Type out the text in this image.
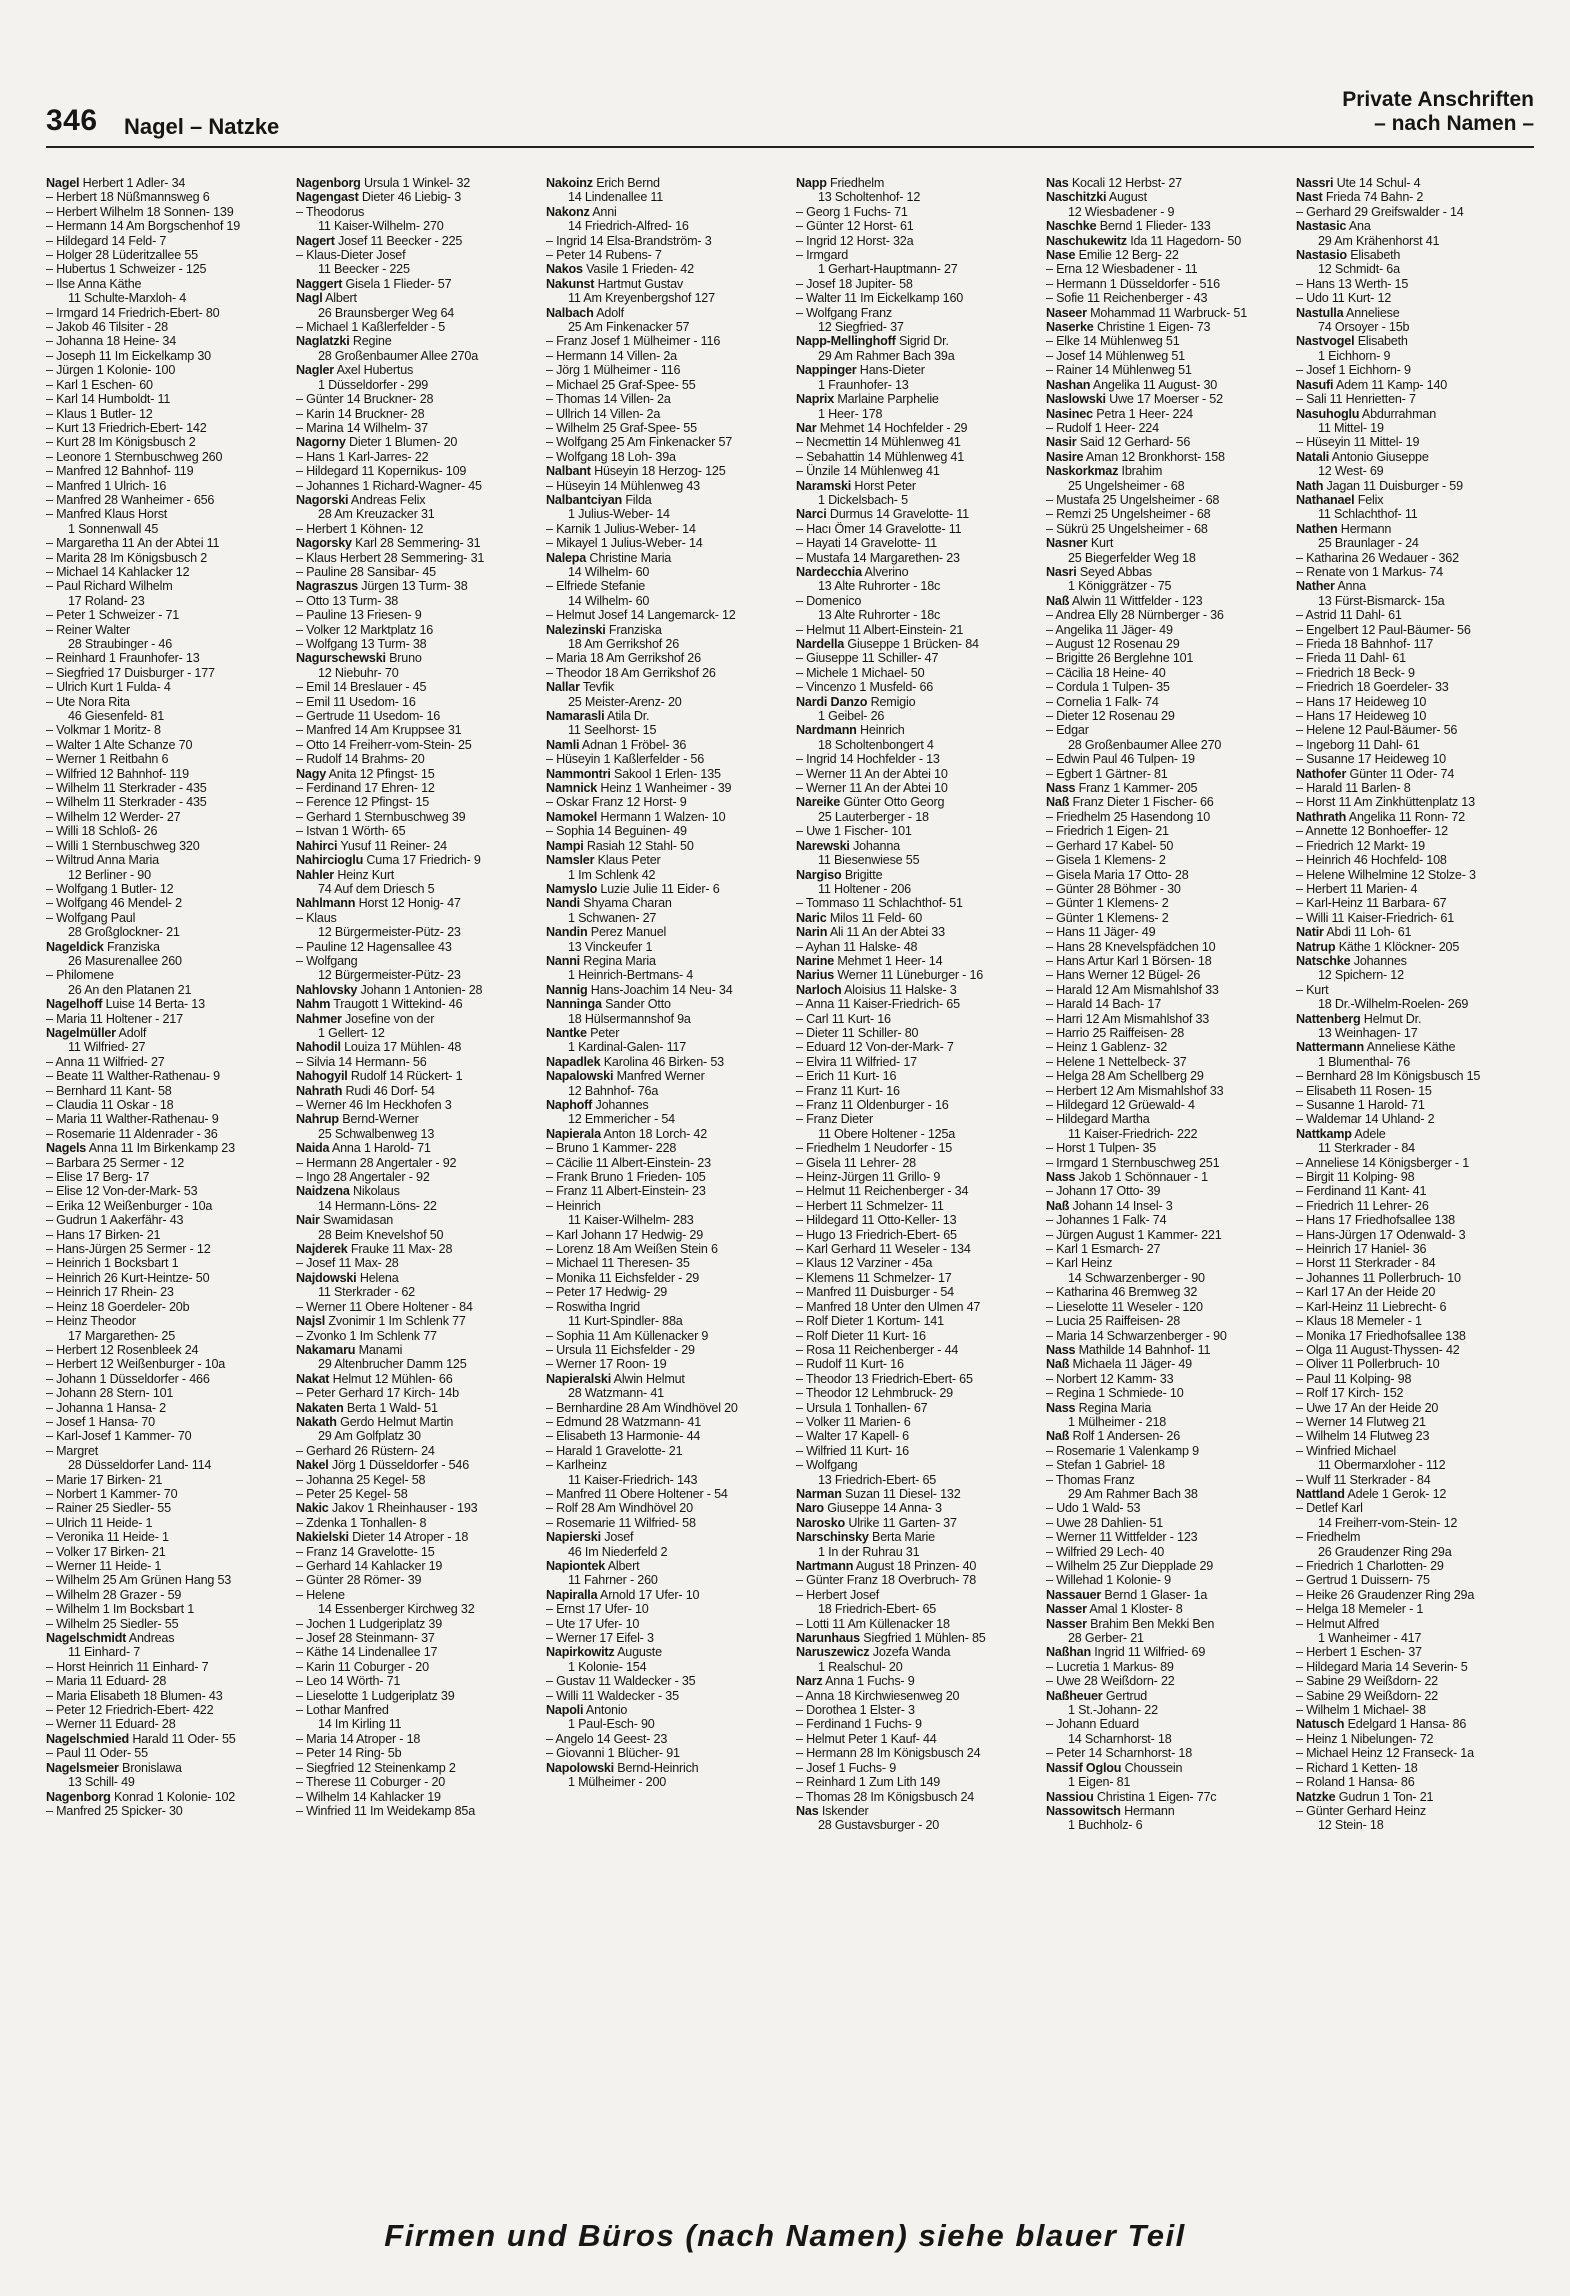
346 Nagel – Natzke
Private Anschriften
– nach Namen –
Nagel Herbert 1 Adler- 34
– Herbert 18 Nüßmannsweg 6
– Herbert Wilhelm 18 Sonnen- 139
– Hermann 14 Am Borgschenhof 19
– Hildegard 14 Feld- 7
– Holger 28 Lüderitzallee 55
– Hubertus 1 Schweizer - 125
– Ilse Anna Käthe
11 Schulte-Marxloh- 4
– Irmgard 14 Friedrich-Ebert- 80
– Jakob 46 Tilsiter - 28
– Johanna 18 Heine- 34
– Joseph 11 Im Eickelkamp 30
– Jürgen 1 Kolonie- 100
– Karl 1 Eschen- 60
– Karl 14 Humboldt- 11
– Klaus 1 Butler- 12
– Kurt 13 Friedrich-Ebert- 142
– Kurt 28 Im Königsbusch 2
– Leonore 1 Sternbuschweg 260
– Manfred 12 Bahnhof- 119
– Manfred 1 Ulrich- 16
– Manfred 28 Wanheimer - 656
– Manfred Klaus Horst
1 Sonnenwall 45
– Margaretha 11 An der Abtei 11
– Marita 28 Im Königsbusch 2
– Michael 14 Kahlacker 12
– Paul Richard Wilhelm
17 Roland- 23
– Peter 1 Schweizer - 71
– Reiner Walter
28 Straubinger - 46
– Reinhard 1 Fraunhofer- 13
– Siegfried 17 Duisburger - 177
– Ulrich Kurt 1 Fulda- 4
– Ute Nora Rita
46 Giesenfeld- 81
– Volkmar 1 Moritz- 8
– Walter 1 Alte Schanze 70
– Werner 1 Reitbahn 6
– Wilfried 12 Bahnhof- 119
– Wilhelm 11 Sterkrader - 435
– Wilhelm 11 Sterkrader - 435
– Wilhelm 12 Werder- 27
– Willi 18 Schloß- 26
– Willi 1 Sternbuschweg 320
– Wiltrud Anna Maria
12 Berliner - 90
– Wolfgang 1 Butler- 12
– Wolfgang 46 Mendel- 2
– Wolfgang Paul
28 Großglockner- 21
Nageldick Franziska
26 Masurenallee 260
– Philomene
26 An den Platanen 21
Nagelhoff Luise 14 Berta- 13
– Maria 11 Holtener - 217
Nagelmüller Adolf
11 Wilfried- 27
– Anna 11 Wilfried- 27
– Beate 11 Walther-Rathenau- 9
– Bernhard 11 Kant- 58
– Claudia 11 Oskar - 18
– Maria 11 Walther-Rathenau- 9
– Rosemarie 11 Aldenrader - 36
Nagels Anna 11 Im Birkenkamp 23
– Barbara 25 Sermer - 12
– Elise 17 Berg- 17
– Elise 12 Von-der-Mark- 53
– Erika 12 Weißenburger - 10a
– Gudrun 1 Aakerfähr- 43
– Hans 17 Birken- 21
– Hans-Jürgen 25 Sermer - 12
– Heinrich 1 Bocksbart 1
– Heinrich 26 Kurt-Heintze- 50
– Heinrich 17 Rhein- 23
– Heinz 18 Goerdeler- 20b
– Heinz Theodor
17 Margarethen- 25
– Herbert 12 Rosenbleek 24
– Herbert 12 Weißenburger - 10a
– Johann 1 Düsseldorfer - 466
– Johann 28 Stern- 101
– Johanna 1 Hansa- 2
– Josef 1 Hansa- 70
– Karl-Josef 1 Kammer- 70
– Margret
28 Düsseldorfer Land- 114
– Marie 17 Birken- 21
– Norbert 1 Kammer- 70
– Rainer 25 Siedler- 55
– Ulrich 11 Heide- 1
– Veronika 11 Heide- 1
– Volker 17 Birken- 21
– Werner 11 Heide- 1
– Wilhelm 25 Am Grünen Hang 53
– Wilhelm 28 Grazer - 59
– Wilhelm 1 Im Bocksbart 1
– Wilhelm 25 Siedler- 55
Nagelschmidt Andreas
11 Einhard- 7
– Horst Heinrich 11 Einhard- 7
– Maria 11 Eduard- 28
– Maria Elisabeth 18 Blumen- 43
– Peter 12 Friedrich-Ebert- 422
– Werner 11 Eduard- 28
Nagelschmied Harald 11 Oder- 55
– Paul 11 Oder- 55
Nagelsmeier Bronislawa
13 Schill- 49
Nagenborg Konrad 1 Kolonie- 102
– Manfred 25 Spicker- 30
Nagenborg Ursula 1 Winkel- 32
Nagengast Dieter 46 Liebig- 3
– Theodorus
11 Kaiser-Wilhelm- 270
Nagert Josef 11 Beecker - 225
– Klaus-Dieter Josef
11 Beecker - 225
Naggert Gisela 1 Flieder- 57
Nagl Albert
26 Braunsberger Weg 64
– Michael 1 Kaßlerfelder - 5
Naglatzki Regine
28 Großenbaumer Allee 270a
Nagler Axel Hubertus
1 Düsseldorfer - 299
– Günter 14 Bruckner- 28
– Karin 14 Bruckner- 28
– Marina 14 Wilhelm- 37
Nagorny Dieter 1 Blumen- 20
– Hans 1 Karl-Jarres- 22
– Hildegard 11 Kopernikus- 109
– Johannes 1 Richard-Wagner- 45
Nagorski Andreas Felix
28 Am Kreuzacker 31
– Herbert 1 Köhnen- 12
Nagorsky Karl 28 Semmering- 31
– Klaus Herbert 28 Semmering- 31
– Pauline 28 Sansibar- 45
Nagraszus Jürgen 13 Turm- 38
– Otto 13 Turm- 38
– Pauline 13 Friesen- 9
– Volker 12 Marktplatz 16
– Wolfgang 13 Turm- 38
Nagurschewski Bruno
12 Niebuhr- 70
– Emil 14 Breslauer - 45
– Emil 11 Usedom- 16
– Gertrude 11 Usedom- 16
– Manfred 14 Am Kruppsee 31
– Otto 14 Freiherr-vom-Stein- 25
– Rudolf 14 Brahms- 20
Nagy Anita 12 Pfingst- 15
– Ferdinand 17 Ehren- 12
– Ference 12 Pfingst- 15
– Gerhard 1 Sternbuschweg 39
– Istvan 1 Wörth- 65
Nahirci Yusuf 11 Reiner- 24
Nahircioglu Cuma 17 Friedrich- 9
Nahler Heinz Kurt
74 Auf dem Driesch 5
Nahlmann Horst 12 Honig- 47
– Klaus
12 Bürgermeister-Pütz- 23
– Pauline 12 Hagensallee 43
– Wolfgang
12 Bürgermeister-Pütz- 23
Nahlovsky Johann 1 Antonien- 28
Nahm Traugott 1 Wittekind- 46
Nahmer Josefine von der
1 Gellert- 12
Nahodil Louiza 17 Mühlen- 48
– Silvia 14 Hermann- 56
Nahogyil Rudolf 14 Rückert- 1
Nahrath Rudi 46 Dorf- 54
– Werner 46 Im Heckhofen 3
Nahrup Bernd-Werner
25 Schwalbenweg 13
Naida Anna 1 Harold- 71
– Hermann 28 Angertaler - 92
– Ingo 28 Angertaler - 92
Naidzena Nikolaus
14 Hermann-Löns- 22
Nair Swamidasan
28 Beim Knevelshof 50
Najderek Frauke 11 Max- 28
– Josef 11 Max- 28
Najdowski Helena
11 Sterkrader - 62
– Werner 11 Obere Holtener - 84
Najsl Zvonimir 1 Im Schlenk 77
– Zvonko 1 Im Schlenk 77
Nakamaru Manami
29 Altenbrucher Damm 125
Nakat Helmut 12 Mühlen- 66
– Peter Gerhard 17 Kirch- 14b
Nakaten Berta 1 Wald- 51
Nakath Gerdo Helmut Martin
29 Am Golfplatz 30
– Gerhard 26 Rüstern- 24
Nakel Jörg 1 Düsseldorfer - 546
– Johanna 25 Kegel- 58
– Peter 25 Kegel- 58
Nakic Jakov 1 Rheinhauser - 193
– Zdenka 1 Tonhallen- 8
Nakielski Dieter 14 Atroper - 18
– Franz 14 Gravelotte- 15
– Gerhard 14 Kahlacker 19
– Günter 28 Römer- 39
– Helene
14 Essenberger Kirchweg 32
– Jochen 1 Ludgeriplatz 39
– Josef 28 Steinmann- 37
– Käthe 14 Lindenallee 17
– Karin 11 Coburger - 20
– Leo 14 Wörth- 71
– Lieselotte 1 Ludgeriplatz 39
– Lothar Manfred
14 Im Kirling 11
– Maria 14 Atroper - 18
– Peter 14 Ring- 5b
– Siegfried 12 Steinenkamp 2
– Therese 11 Coburger - 20
– Wilhelm 14 Kahlacker 19
– Winfried 11 Im Weidekamp 85a
Nakoinz Erich Bernd
14 Lindenallee 11
Nakonz Anni
14 Friedrich-Alfred- 16
– Ingrid 14 Elsa-Brandström- 3
– Peter 14 Rubens- 7
Nakos Vasile 1 Frieden- 42
Nakunst Hartmut Gustav
11 Am Kreyenbergshof 127
Nalbach Adolf
25 Am Finkenacker 57
– Franz Josef 1 Mülheimer - 116
– Hermann 14 Villen- 2a
– Jörg 1 Mülheimer - 116
– Michael 25 Graf-Spee- 55
– Thomas 14 Villen- 2a
– Ullrich 14 Villen- 2a
– Wilhelm 25 Graf-Spee- 55
– Wolfgang 25 Am Finkenacker 57
– Wolfgang 18 Loh- 39a
Nalbant Hüseyin 18 Herzog- 125
– Hüseyin 14 Mühlenweg 43
Nalbantciyan Filda
1 Julius-Weber- 14
– Karnik 1 Julius-Weber- 14
– Mikayel 1 Julius-Weber- 14
Nalepa Christine Maria
14 Wilhelm- 60
– Elfriede Stefanie
14 Wilhelm- 60
– Helmut Josef 14 Langemarck- 12
Nalezinski Franziska
18 Am Gerrikshof 26
– Maria 18 Am Gerrikshof 26
– Theodor 18 Am Gerrikshof 26
Nallar Tevfik
25 Meister-Arenz- 20
Namarasli Atila Dr.
11 Seelhorst- 15
Namli Adnan 1 Fröbel- 36
– Hüseyin 1 Kaßlerfelder - 56
Nammontri Sakool 1 Erlen- 135
Namnick Heinz 1 Wanheimer - 39
– Oskar Franz 12 Horst- 9
Namokel Hermann 1 Walzen- 10
– Sophia 14 Beguinen- 49
Nampi Rasiah 12 Stahl- 50
Namsler Klaus Peter
1 Im Schlenk 42
Namyslo Luzie Julie 11 Eider- 6
Nandi Shyama Charan
1 Schwanen- 27
Nandin Perez Manuel
13 Vinckeufer 1
Nanni Regina Maria
1 Heinrich-Bertmans- 4
Nannig Hans-Joachim 14 Neu- 34
Nanninga Sander Otto
18 Hülsermannshof 9a
Nantke Peter
1 Kardinal-Galen- 117
Napadlek Karolina 46 Birken- 53
Napalowski Manfred Werner
12 Bahnhof- 76a
Naphoff Johannes
12 Emmericher - 54
Napierala Anton 18 Lorch- 42
– Bruno 1 Kammer- 228
– Cäcilie 11 Albert-Einstein- 23
– Frank Bruno 1 Frieden- 105
– Franz 11 Albert-Einstein- 23
– Heinrich
11 Kaiser-Wilhelm- 283
– Karl Johann 17 Hedwig- 29
– Lorenz 18 Am Weißen Stein 6
– Michael 11 Theresen- 35
– Monika 11 Eichsfelder - 29
– Peter 17 Hedwig- 29
– Roswitha Ingrid
11 Kurt-Spindler- 88a
– Sophia 11 Am Küllenacker 9
– Ursula 11 Eichsfelder - 29
– Werner 17 Roon- 19
Napieralski Alwin Helmut
28 Watzmann- 41
– Bernhardine 28 Am Windhövel 20
– Edmund 28 Watzmann- 41
– Elisabeth 13 Harmonie- 44
– Harald 1 Gravelotte- 21
– Karlheinz
11 Kaiser-Friedrich- 143
– Manfred 11 Obere Holtener - 54
– Rolf 28 Am Windhövel 20
– Rosemarie 11 Wilfried- 58
Napierski Josef
46 Im Niederfeld 2
Napiontek Albert
11 Fahrner - 260
Napiralla Arnold 17 Ufer- 10
– Ernst 17 Ufer- 10
– Ute 17 Ufer- 10
– Werner 17 Eifel- 3
Napirkowitz Auguste
1 Kolonie- 154
– Gustav 11 Waldecker - 35
– Willi 11 Waldecker - 35
Napoli Antonio
1 Paul-Esch- 90
– Angelo 14 Geest- 23
– Giovanni 1 Blücher- 91
Napolowski Bernd-Heinrich
1 Mülheimer - 200
Napp Friedhelm
13 Scholtenhof- 12
– Georg 1 Fuchs- 71
– Günter 12 Horst- 61
– Ingrid 12 Horst- 32a
– Irmgard
1 Gerhart-Hauptmann- 27
– Josef 18 Jupiter- 58
– Walter 11 Im Eickelkamp 160
– Wolfgang Franz
12 Siegfried- 37
Napp-Mellinghoff Sigrid Dr.
29 Am Rahmer Bach 39a
Nappinger Hans-Dieter
1 Fraunhofer- 13
Naprix Marlaine Parphelie
1 Heer- 178
Nar Mehmet 14 Hochfelder - 29
– Necmettin 14 Mühlenweg 41
– Sebahattin 14 Mühlenweg 41
– Ünzile 14 Mühlenweg 41
Naramski Horst Peter
1 Dickelsbach- 5
Narci Durmus 14 Gravelotte- 11
– Hacı Ömer 14 Gravelotte- 11
– Hayati 14 Gravelotte- 11
– Mustafa 14 Margarethen- 23
Nardecchia Alverino
13 Alte Ruhrorter - 18c
– Domenico
13 Alte Ruhrorter - 18c
– Helmut 11 Albert-Einstein- 21
Nardella Giuseppe 1 Brücken- 84
– Giuseppe 11 Schiller- 47
– Michele 1 Michael- 50
– Vincenzo 1 Musfeld- 66
Nardi Danzo Remigio
1 Geibel- 26
Nardmann Heinrich
18 Scholtenbongert 4
– Ingrid 14 Hochfelder - 13
– Werner 11 An der Abtei 10
– Werner 11 An der Abtei 10
Nareike Günter Otto Georg
25 Lauterberger - 18
– Uwe 1 Fischer- 101
Narewski Johanna
11 Biesenwiese 55
Nargiso Brigitte
11 Holtener - 206
– Tommaso 11 Schlachthof- 51
Naric Milos 11 Feld- 60
Narin Ali 11 An der Abtei 33
– Ayhan 11 Halske- 48
Narine Mehmet 1 Heer- 14
Narius Werner 11 Lüneburger - 16
Narloch Aloisius 11 Halske- 3
– Anna 11 Kaiser-Friedrich- 65
– Carl 11 Kurt- 16
– Dieter 11 Schiller- 80
– Eduard 12 Von-der-Mark- 7
– Elvira 11 Wilfried- 17
– Erich 11 Kurt- 16
– Franz 11 Kurt- 16
– Franz 11 Oldenburger - 16
– Franz Dieter
11 Obere Holtener - 125a
– Friedhelm 1 Neudorfer - 15
– Gisela 11 Lehrer- 28
– Heinz-Jürgen 11 Grillo- 9
– Helmut 11 Reichenberger - 34
– Herbert 11 Schmelzer- 11
– Hildegard 11 Otto-Keller- 13
– Hugo 13 Friedrich-Ebert- 65
– Karl Gerhard 11 Weseler - 134
– Klaus 12 Varziner - 45a
– Klemens 11 Schmelzer- 17
– Manfred 11 Duisburger - 54
– Manfred 18 Unter den Ulmen 47
– Rolf Dieter 1 Kortum- 141
– Rolf Dieter 11 Kurt- 16
– Rosa 11 Reichenberger - 44
– Rudolf 11 Kurt- 16
– Theodor 13 Friedrich-Ebert- 65
– Theodor 12 Lehmbruck- 29
– Ursula 1 Tonhallen- 67
– Volker 11 Marien- 6
– Walter 17 Kapell- 6
– Wilfried 11 Kurt- 16
– Wolfgang
13 Friedrich-Ebert- 65
Narman Suzan 11 Diesel- 132
Naro Giuseppe 14 Anna- 3
Narosko Ulrike 11 Garten- 37
Narschinsky Berta Marie
1 In der Ruhrau 31
Nartmann August 18 Prinzen- 40
– Günter Franz 18 Overbruch- 78
– Herbert Josef
18 Friedrich-Ebert- 65
– Lotti 11 Am Küllenacker 18
Narunhaus Siegfried 1 Mühlen- 85
Naruszewicz Jozefa Wanda
1 Realschul- 20
Narz Anna 1 Fuchs- 9
– Anna 18 Kirchwiesenweg 20
– Dorothea 1 Elster- 3
– Ferdinand 1 Fuchs- 9
– Helmut Peter 1 Kauf- 44
– Hermann 28 Im Königsbusch 24
– Josef 1 Fuchs- 9
– Reinhard 1 Zum Lith 149
– Thomas 28 Im Königsbusch 24
Nas Iskender
28 Gustavsburger - 20
Nas Kocali 12 Herbst- 27
Naschitzki August
12 Wiesbadener - 9
Naschke Bernd 1 Flieder- 133
Naschukewitz Ida 11 Hagedorn- 50
Nase Emilie 12 Berg- 22
– Erna 12 Wiesbadener - 11
– Hermann 1 Düsseldorfer - 516
– Sofie 11 Reichenberger - 43
Naseer Mohammad 11 Warbruck- 51
Naserke Christine 1 Eigen- 73
– Elke 14 Mühlenweg 51
– Josef 14 Mühlenweg 51
– Rainer 14 Mühlenweg 51
Nashan Angelika 11 August- 30
Naslowski Uwe 17 Moerser - 52
Nasinec Petra 1 Heer- 224
– Rudolf 1 Heer- 224
Nasir Said 12 Gerhard- 56
Nasire Aman 12 Bronkhorst- 158
Naskorkmaz Ibrahim
25 Ungelsheimer - 68
– Mustafa 25 Ungelsheimer - 68
– Remzi 25 Ungelsheimer - 68
– Sükrü 25 Ungelsheimer - 68
Nasner Kurt
25 Biegerfelder Weg 18
Nasri Seyed Abbas
1 Königgrätzer - 75
Naß Alwin 11 Wittfelder - 123
– Andrea Elly 28 Nürnberger - 36
– Angelika 11 Jäger- 49
– August 12 Rosenau 29
– Brigitte 26 Berglehne 101
– Cäcilia 18 Heine- 40
– Cordula 1 Tulpen- 35
– Cornelia 1 Falk- 74
– Dieter 12 Rosenau 29
– Edgar
28 Großenbaumer Allee 270
– Edwin Paul 46 Tulpen- 19
– Egbert 1 Gärtner- 81
Nass Franz 1 Kammer- 205
Naß Franz Dieter 1 Fischer- 66
– Friedhelm 25 Hasendong 10
– Friedrich 1 Eigen- 21
– Gerhard 17 Kabel- 50
– Gisela 1 Klemens- 2
– Gisela Maria 17 Otto- 28
– Günter 28 Böhmer - 30
– Günter 1 Klemens- 2
– Günter 1 Klemens- 2
– Hans 11 Jäger- 49
– Hans 28 Knevelspfädchen 10
– Hans Artur Karl 1 Börsen- 18
– Hans Werner 12 Bügel- 26
– Harald 12 Am Mismahlshof 33
– Harald 14 Bach- 17
– Harri 12 Am Mismahlshof 33
– Harrio 25 Raiffeisen- 28
– Heinz 1 Gablenz- 32
– Helene 1 Nettelbeck- 37
– Helga 28 Am Schellberg 29
– Herbert 12 Am Mismahlshof 33
– Hildegard 12 Grüewald- 4
– Hildegard Martha
11 Kaiser-Friedrich- 222
– Horst 1 Tulpen- 35
– Irmgard 1 Sternbuschweg 251
Nass Jakob 1 Schönnauer - 1
– Johann 17 Otto- 39
Naß Johann 14 Insel- 3
– Johannes 1 Falk- 74
– Jürgen August 1 Kammer- 221
– Karl 1 Esmarch- 27
– Karl Heinz
14 Schwarzenberger - 90
– Katharina 46 Bremweg 32
– Lieselotte 11 Weseler - 120
– Lucia 25 Raiffeisen- 28
– Maria 14 Schwarzenberger - 90
Nass Mathilde 14 Bahnhof- 11
Naß Michaela 11 Jäger- 49
– Norbert 12 Kamm- 33
– Regina 1 Schmiede- 10
Nass Regina Maria
1 Mülheimer - 218
Naß Rolf 1 Andersen- 26
– Rosemarie 1 Valenkamp 9
– Stefan 1 Gabriel- 18
– Thomas Franz
29 Am Rahmer Bach 38
– Udo 1 Wald- 53
– Uwe 28 Dahlien- 51
– Werner 11 Wittfelder - 123
– Wilfried 29 Lech- 40
– Wilhelm 25 Zur Diepplade 29
– Willehad 1 Kolonie- 9
Nassauer Bernd 1 Glaser- 1a
Nasser Amal 1 Kloster- 8
Nasser Brahim Ben Mekki Ben
28 Gerber- 21
Naßhan Ingrid 11 Wilfried- 69
– Lucretia 1 Markus- 89
– Uwe 28 Weißdorn- 22
Naßheuer Gertrud
1 St.-Johann- 22
– Johann Eduard
14 Scharnhorst- 18
– Peter 14 Scharnhorst- 18
Nassif Oglou Choussein
1 Eigen- 81
Nassiou Christina 1 Eigen- 77c
Nassowitsch Hermann
1 Buchholz- 6
Nassri Ute 14 Schul- 4
Nast Frieda 74 Bahn- 2
– Gerhard 29 Greifswalder - 14
Nastasic Ana
29 Am Krähenhorst 41
Nastasio Elisabeth
12 Schmidt- 6a
– Hans 13 Werth- 15
– Udo 11 Kurt- 12
Nastulla Anneliese
74 Orsoyer - 15b
Nastvogel Elisabeth
1 Eichhorn- 9
– Josef 1 Eichhorn- 9
Nasufi Adem 11 Kamp- 140
– Sali 11 Henrietten- 7
Nasuhoglu Abdurrahman
11 Mittel- 19
– Hüseyin 11 Mittel- 19
Natali Antonio Giuseppe
12 West- 69
Nath Jagan 11 Duisburger - 59
Nathanael Felix
11 Schlachthof- 11
Nathen Hermann
25 Braunlager - 24
– Katharina 26 Wedauer - 362
– Renate von 1 Markus- 74
Nather Anna
13 Fürst-Bismarck- 15a
– Astrid 11 Dahl- 61
– Engelbert 12 Paul-Bäumer- 56
– Frieda 18 Bahnhof- 117
– Frieda 11 Dahl- 61
– Friedrich 18 Beck- 9
– Friedrich 18 Goerdeler- 33
– Hans 17 Heideweg 10
– Hans 17 Heideweg 10
– Helene 12 Paul-Bäumer- 56
– Ingeborg 11 Dahl- 61
– Susanne 17 Heideweg 10
Nathofer Günter 11 Oder- 74
– Harald 11 Barlen- 8
– Horst 11 Am Zinkhüttenplatz 13
Nathrath Angelika 11 Ronn- 72
– Annette 12 Bonhoeffer- 12
– Friedrich 12 Markt- 19
– Heinrich 46 Hochfeld- 108
– Helene Wilhelmine 12 Stolze- 3
– Herbert 11 Marien- 4
– Karl-Heinz 11 Barbara- 67
– Willi 11 Kaiser-Friedrich- 61
Natir Abdi 11 Loh- 61
Natrup Käthe 1 Klöckner- 205
Natschke Johannes
12 Spichern- 12
– Kurt
18 Dr.-Wilhelm-Roelen- 269
Nattenberg Helmut Dr.
13 Weinhagen- 17
Nattermann Anneliese Käthe
1 Blumenthal- 76
– Bernhard 28 Im Königsbusch 15
– Elisabeth 11 Rosen- 15
– Susanne 1 Harold- 71
– Waldemar 14 Uhland- 2
Nattkamp Adele
11 Sterkrader - 84
– Anneliese 14 Königsberger - 1
– Birgit 11 Kolping- 98
– Ferdinand 11 Kant- 41
– Friedrich 11 Lehrer- 26
– Hans 17 Friedhofsallee 138
– Hans-Jürgen 17 Odenwald- 3
– Heinrich 17 Haniel- 36
– Horst 11 Sterkrader - 84
– Johannes 11 Pollerbruch- 10
– Karl 17 An der Heide 20
– Karl-Heinz 11 Liebrecht- 6
– Klaus 18 Memeler - 1
– Monika 17 Friedhofsallee 138
– Olga 11 August-Thyssen- 42
– Oliver 11 Pollerbruch- 10
– Paul 11 Kolping- 98
– Rolf 17 Kirch- 152
– Uwe 17 An der Heide 20
– Werner 14 Flutweg 21
– Wilhelm 14 Flutweg 23
– Winfried Michael
11 Obermarxloher - 112
– Wulf 11 Sterkrader - 84
Nattland Adele 1 Gerok- 12
– Detlef Karl
14 Freiherr-vom-Stein- 12
– Friedhelm
26 Graudenzer Ring 29a
– Friedrich 1 Charlotten- 29
– Gertrud 1 Duissern- 75
– Heike 26 Graudenzer Ring 29a
– Helga 18 Memeler - 1
– Helmut Alfred
1 Wanheimer - 417
– Herbert 1 Eschen- 37
– Hildegard Maria 14 Severin- 5
– Sabine 29 Weißdorn- 22
– Sabine 29 Weißdorn- 22
– Wilhelm 1 Michael- 38
Natusch Edelgard 1 Hansa- 86
– Heinz 1 Nibelungen- 72
– Michael Heinz 12 Franseck- 1a
– Richard 1 Ketten- 18
– Roland 1 Hansa- 86
Natzke Gudrun 1 Ton- 21
– Günter Gerhard Heinz
12 Stein- 18
Firmen und Büros (nach Namen) siehe blauer Teil
